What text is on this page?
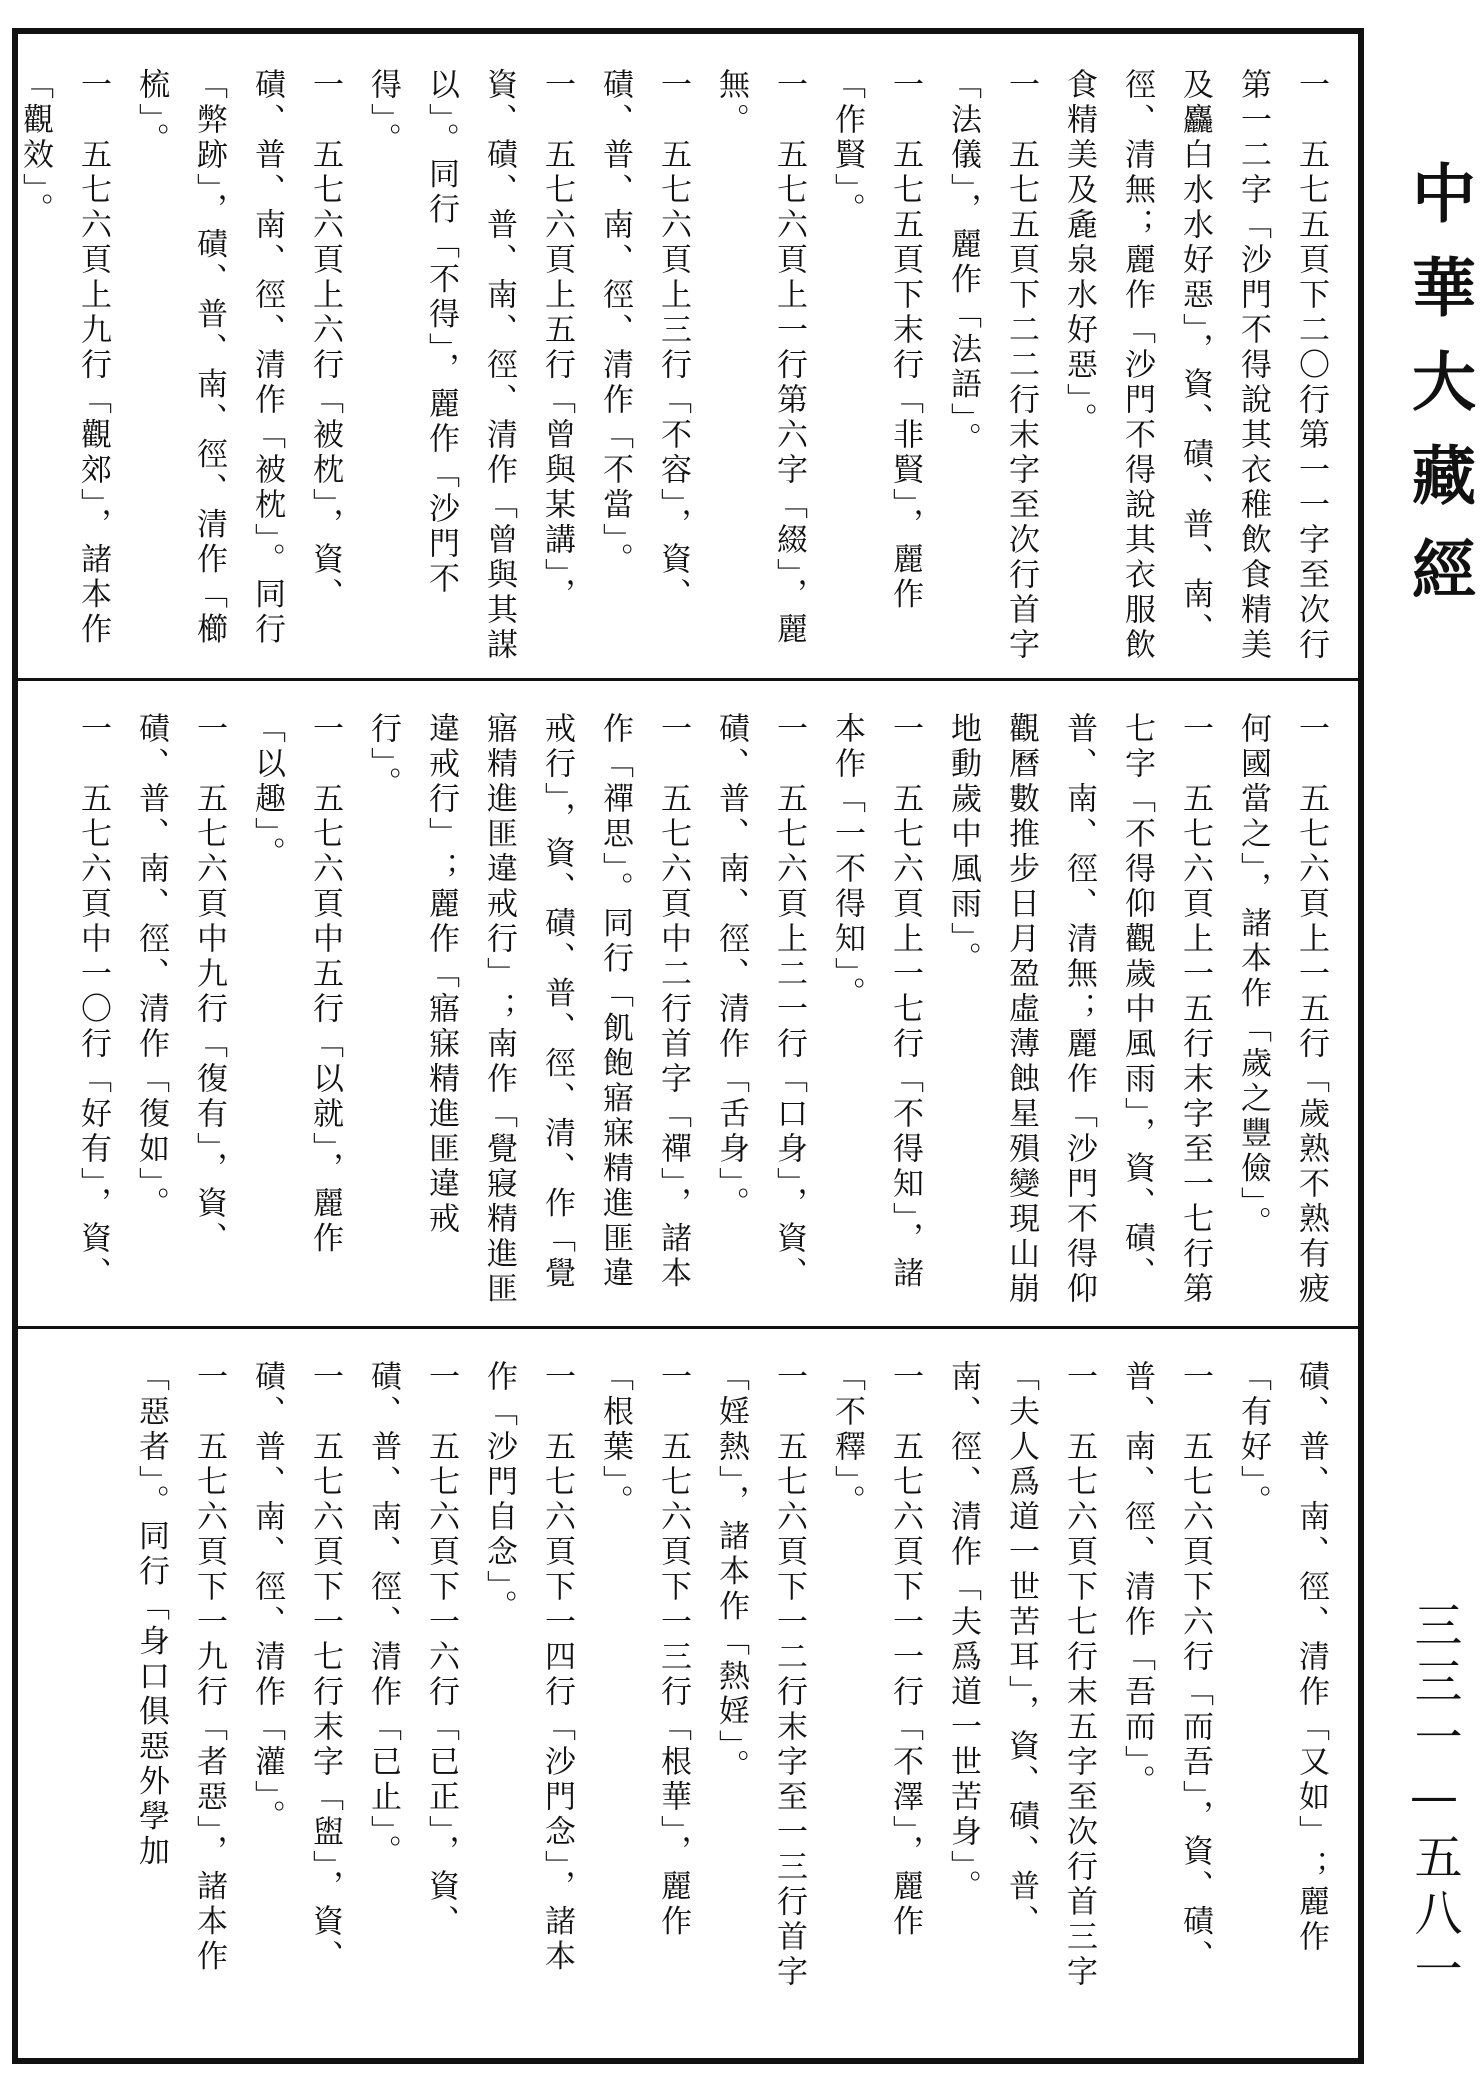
中華大藏經
三三一—五八一
一　五七五頁下二〇行第一一字至次行第一二字「沙門不得說其衣稚飲食精美及麤白水水好惡」，資、磧、普、南、徑、清無；麗作「沙門不得說其衣服飲食精美及麁泉水好惡」。
一　五七五頁下二二行末字至次行首字「法儀」，麗作「法語」。
一　五七五頁下末行「非賢」，麗作「作賢」。
一　五七六頁上一行第六字「綴」，麗無。
一　五七六頁上三行「不容」，資、磧、普、南、徑、清作「不當」。
一　五七六頁上五行「曾與某講」，資、磧、普、南、徑、清作「曾與其謀以」。同行「不得」，麗作「沙門不得」。
一　五七六頁上六行「被枕」，資、磧、普、南、徑、清作「被枕」。同行「弊跡」，磧、普、南、徑、清作「櫛梳」。
一　五七六頁上九行「觀郊」，諸本作「觀效」。
一　五七六頁上一五行「歲熟不熟有疲何國當之」，諸本作「歲之豐儉」。
一　五七六頁上一五行末字至一七行第七字「不得仰觀歲中風雨」，資、磧、普、南、徑、清無；麗作「沙門不得仰觀曆數推步日月盈虛薄蝕星殞變現山崩地動歲中風雨」。
一　五七六頁上一七行「不得知」，諸本作「一不得知」。
一　五七六頁上二一行「口身」，資、磧、普、南、徑、清作「舌身」。
一　五七六頁中二行首字「禪」，諸本作「禪思」。同行「飢飽寤寐精進匪違戒行」，資、磧、普、徑、清、作「覺寤精進匪違戒行」；南作「覺寢精進匪違戒行」；麗作「寤寐精進匪違戒行」。
一　五七六頁中五行「以就」，麗作「以趣」。
一　五七六頁中九行「復有」，資、磧、普、南、徑、清作「復如」。
一　五七六頁中一〇行「好有」，資、
磧、普、南、徑、清作「又如」；麗作「有好」。
一　五七六頁下六行「而吾」，資、磧、普、南、徑、清作「吾而」。
一　五七六頁下七行末五字至次行首三字「夫人爲道一世苦耳」，資、磧、普、南、徑、清作「夫爲道一世苦身」。
一　五七六頁下一一行「不澤」，麗作「不釋」。
一　五七六頁下一二行末字至一三行首字「婬熱」，諸本作「熱婬」。
一　五七六頁下一三行「根華」，麗作「根葉」。
一　五七六頁下一四行「沙門念」，諸本作「沙門自念」。
一　五七六頁下一六行「已正」，資、磧、普、南、徑、清作「已止」。
一　五七六頁下一七行末字「盥」，資、磧、普、南、徑、清作「灌」。
一　五七六頁下一九行「者惡」，諸本作「惡者」。同行「身口俱惡外學加
